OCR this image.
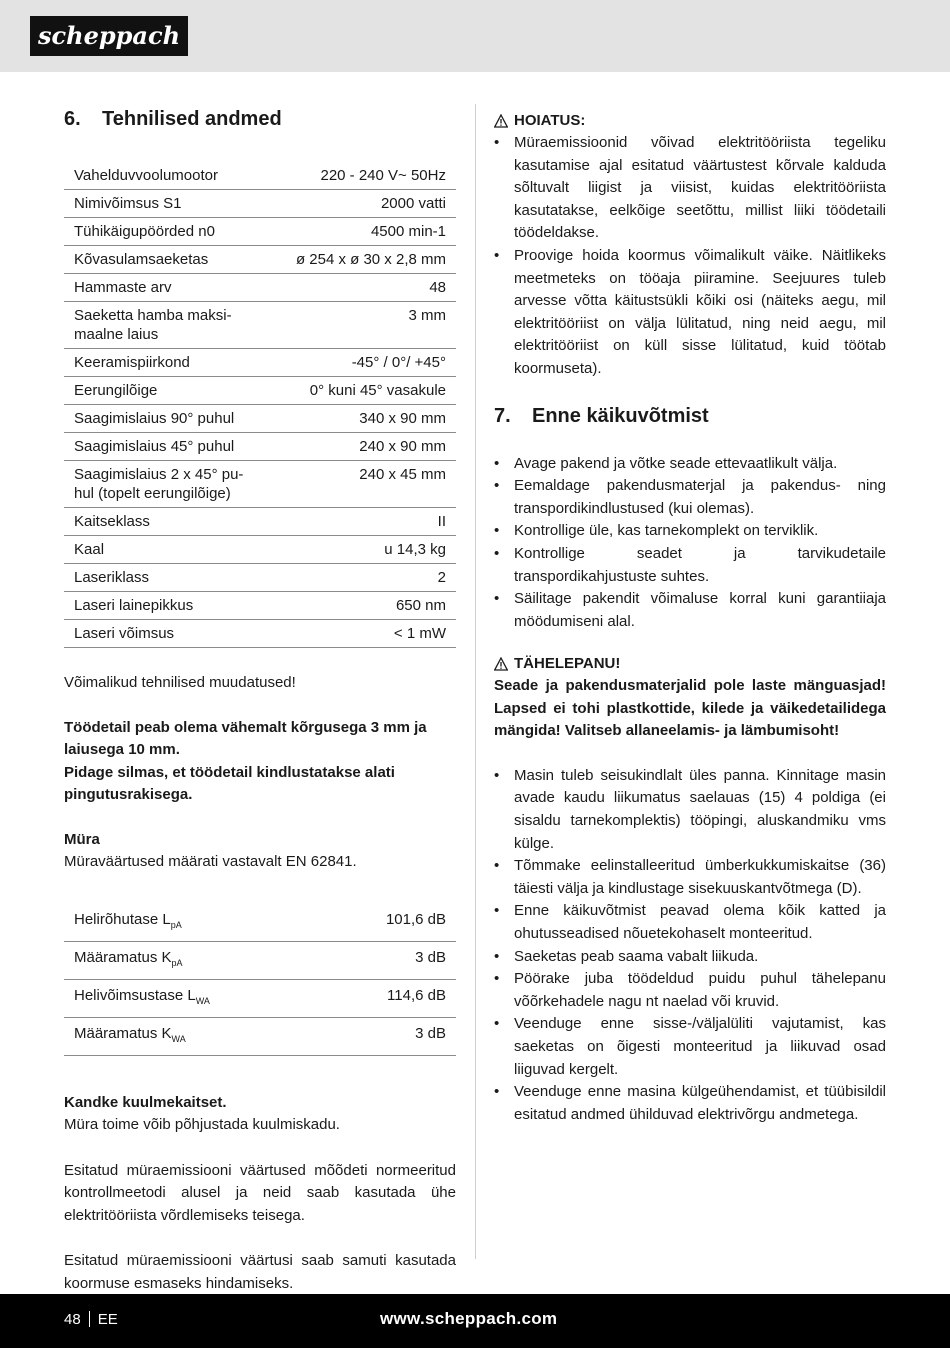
scheppach
6.	Tehnilised andmed
Vahelduvvoolumootor	220 - 240 V~ 50Hz
Nimivõimsus S1	2000 vatti
Tühikäigupöörded n0	4500 min-1
Kõvasulamsaeketas	ø 254 x ø 30 x 2,8 mm
Hammaste arv	48
Saeketta hamba maksi-
maalne laius	3 mm
Keeramispiirkond	-45° / 0°/ +45°
Eerungilõige	0° kuni 45° vasakule
Saagimislaius 90° puhul	340 x 90 mm
Saagimislaius 45° puhul	240 x 90 mm
Saagimislaius 2 x 45° pu-
hul (topelt eerungilõige)	240 x 45 mm
Kaitseklass	II
Kaal	u 14,3 kg
Laseriklass	2
Laseri lainepikkus	650 nm
Laseri võimsus	< 1 mW
Võimalikud tehnilised muudatused!
Töödetail peab olema vähemalt kõrgusega 3 mm ja laiusega 10 mm.
Pidage silmas, et töödetail kindlustatakse alati pingutusrakisega.
Müra
Müraväärtused määrati vastavalt EN 62841.
Helirõhutase $L_{pA}$	101,6 dB
Määramatus $K_{pA}$	3 dB
Helivõimsustase $L_{WA}$	114,6 dB
Määramatus $K_{WA}$	3 dB
Kandke kuulmekaitset.
Müra toime võib põhjustada kuulmiskadu.
Esitatud müraemissiooni väärtused mõõdeti normeeritud kontrollmeetodi alusel ja neid saab kasutada ühe elektritööriista võrdlemiseks teisega.
Esitatud müraemissiooni väärtusi saab samuti kasutada koormuse esmaseks hindamiseks.
HOIATUS:
• Müraemissioonid võivad elektritööriista tegeliku kasutamise ajal esitatud väärtustest kõrvale kalduda sõltuvalt liigist ja viisist, kuidas elektritööriista kasutatakse, eelkõige seetõttu, millist liiki töödetaili töödeldakse.
• Proovige hoida koormus võimalikult väike. Näitlikeks meetmeteks on tööaja piiramine. Seejuures tuleb arvesse võtta käitustsükli kõiki osi (näiteks aegu, mil elektritööriist on välja lülitatud, ning neid aegu, mil elektritööriist on küll sisse lülitatud, kuid töötab koormuseta).
7.	Enne käikuvõtmist
• Avage pakend ja võtke seade ettevaatlikult välja.
• Eemaldage pakendusmaterjal ja pakendus- ning transpordikindlustused (kui olemas).
• Kontrollige üle, kas tarnekomplekt on terviklik.
• Kontrollige seadet ja tarvikudetaile transpordikahjustuste suhtes.
• Säilitage pakendit võimaluse korral kuni garantiiaja möödumiseni alal.
TÄHELEPANU!
Seade ja pakendusmaterjalid pole laste mänguasjad! Lapsed ei tohi plastkottide, kilede ja väikedetailidega mängida! Valitseb allaneelamis- ja lämbumisoht!
• Masin tuleb seisukindlalt üles panna. Kinnitage masin avade kaudu liikumatus saelauas (15) 4 poldiga (ei sisaldu tarnekomplektis) tööpingi, aluskandmiku vms külge.
• Tõmmake eelinstalleeritud ümberkukkumiskaitse (36) täiesti välja ja kindlustage sisekuuskantvõtmega (D).
• Enne käikuvõtmist peavad olema kõik katted ja ohutusseadised nõuetekohaselt monteeritud.
• Saeketas peab saama vabalt liikuda.
• Pöörake juba töödeldud puidu puhul tähelepanu võõrkehadele nagu nt naelad või kruvid.
• Veenduge enne sisse-/väljalüliti vajutamist, kas saeketas on õigesti monteeritud ja liikuvad osad liiguvad kergelt.
• Veenduge enne masina külgeühendamist, et tüübisildil esitatud andmed ühilduvad elektrivõrgu andmetega.
48 EE	www.scheppach.com
